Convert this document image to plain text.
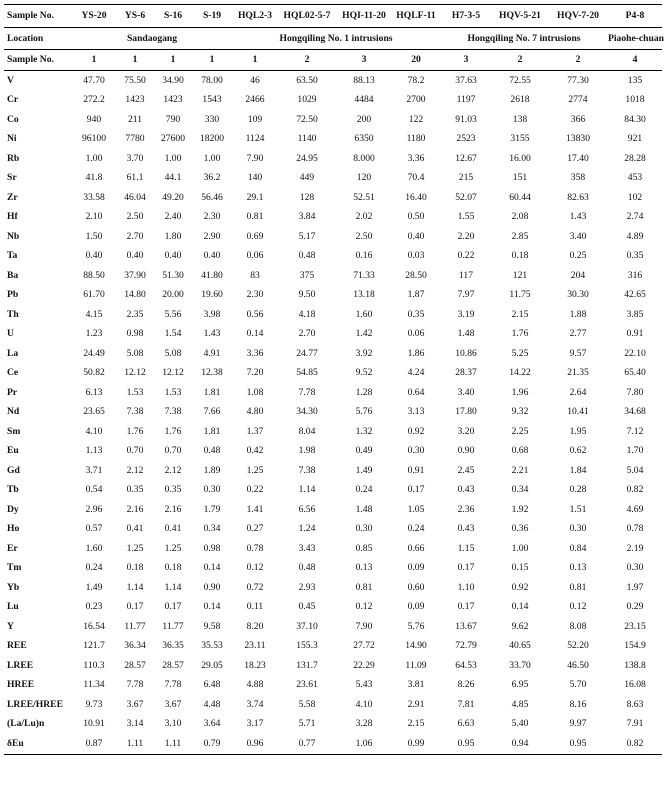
Sample No.	YS-20	YS-6	S-16	S-19	HQL2-3	HQL02-5-7	HQI-11-20	HQLF-11	H7-3-5	HQV-5-21	HQV-7-20	P4-8
Location	Sandaogang				Hongqiling No. 1 intrusions				Hongqiling No. 7 intrusions			Piaohe-chuan
Sample No.	1	1	1	1	1	2	3	20	3	2	2	4
V	47.70	75.50	34.90	78.00	46	63.50	88.13	78.2	37.63	72.55	77.30	135
Cr	272.2	1423	1423	1543	2466	1029	4484	2700	1197	2618	2774	1018
Co	940	211	790	330	109	72.50	200	122	91.03	138	366	84.30
Ni	96100	7780	27600	18200	1124	1140	6350	1180	2523	3155	13830	921
Rb	1.00	3.70	1.00	1.00	7.90	24.95	8.000	3.36	12.67	16.00	17.40	28.28
Sr	41.8	61.1	44.1	36.2	140	449	120	70.4	215	151	358	453
Zr	33.58	46.04	49.20	56.46	29.1	128	52.51	16.40	52.07	60.44	82.63	102
Hf	2.10	2.50	2.40	2.30	0.81	3.84	2.02	0.50	1.55	2.08	1.43	2.74
Nb	1.50	2.70	1.80	2.90	0.69	5.17	2.50	0.40	2.20	2.85	3.40	4.89
Ta	0.40	0.40	0.40	0.40	0.06	0.48	0.16	0.03	0.22	0.18	0.25	0.35
Ba	88.50	37.90	51.30	41.80	83	375	71.33	28.50	117	121	204	316
Pb	61.70	14.80	20.00	19.60	2.30	9.50	13.18	1.87	7.97	11.75	30.30	42.65
Th	4.15	2.35	5.56	3.98	0.56	4.18	1.60	0.35	3.19	2.15	1.88	3.85
U	1.23	0.98	1.54	1.43	0.14	2.70	1.42	0.06	1.48	1.76	2.77	0.91
La	24.49	5.08	5.08	4.91	3.36	24.77	3.92	1.86	10.86	5.25	9.57	22.10
Ce	50.82	12.12	12.12	12.38	7.20	54.85	9.52	4.24	28.37	14.22	21.35	65.40
Pr	6.13	1.53	1.53	1.81	1.08	7.78	1.28	0.64	3.40	1.96	2.64	7.80
Nd	23.65	7.38	7.38	7.66	4.80	34.30	5.76	3.13	17.80	9.32	10.41	34.68
Sm	4.10	1.76	1.76	1.81	1.37	8.04	1.32	0.92	3.20	2.25	1.95	7.12
Eu	1.13	0.70	0.70	0.48	0.42	1.98	0.49	0.30	0.90	0.68	0.62	1.70
Gd	3.71	2.12	2.12	1.89	1.25	7.38	1.49	0.91	2.45	2.21	1.84	5.04
Tb	0.54	0.35	0.35	0.30	0.22	1.14	0.24	0.17	0.43	0.34	0.28	0.82
Dy	2.96	2.16	2.16	1.79	1.41	6.56	1.48	1.05	2.36	1.92	1.51	4.69
Ho	0.57	0.41	0.41	0.34	0.27	1.24	0.30	0.24	0.43	0.36	0.30	0.78
Er	1.60	1.25	1.25	0.98	0.78	3.43	0.85	0.66	1.15	1.00	0.84	2.19
Tm	0.24	0.18	0.18	0.14	0.12	0.48	0.13	0.09	0.17	0.15	0.13	0.30
Yb	1.49	1.14	1.14	0.90	0.72	2.93	0.81	0.60	1.10	0.92	0.81	1.97
Lu	0.23	0.17	0.17	0.14	0.11	0.45	0.12	0.09	0.17	0.14	0.12	0.29
Y	16.54	11.77	11.77	9.58	8.20	37.10	7.90	5.76	13.67	9.62	8.08	23.15
REE	121.7	36.34	36.35	35.53	23.11	155.3	27.72	14.90	72.79	40.65	52.20	154.9
LREE	110.3	28.57	28.57	29.05	18.23	131.7	22.29	11.09	64.53	33.70	46.50	138.8
HREE	11.34	7.78	7.78	6.48	4.88	23.61	5.43	3.81	8.26	6.95	5.70	16.08
LREE/HREE	9.73	3.67	3.67	4.48	3.74	5.58	4.10	2.91	7.81	4.85	8.16	8.63
(La/Lu)n	10.91	3.14	3.10	3.64	3.17	5.71	3.28	2.15	6.63	5.40	9.97	7.91
δEu	0.87	1.11	1.11	0.79	0.96	0.77	1.06	0.99	0.95	0.94	0.95	0.82
